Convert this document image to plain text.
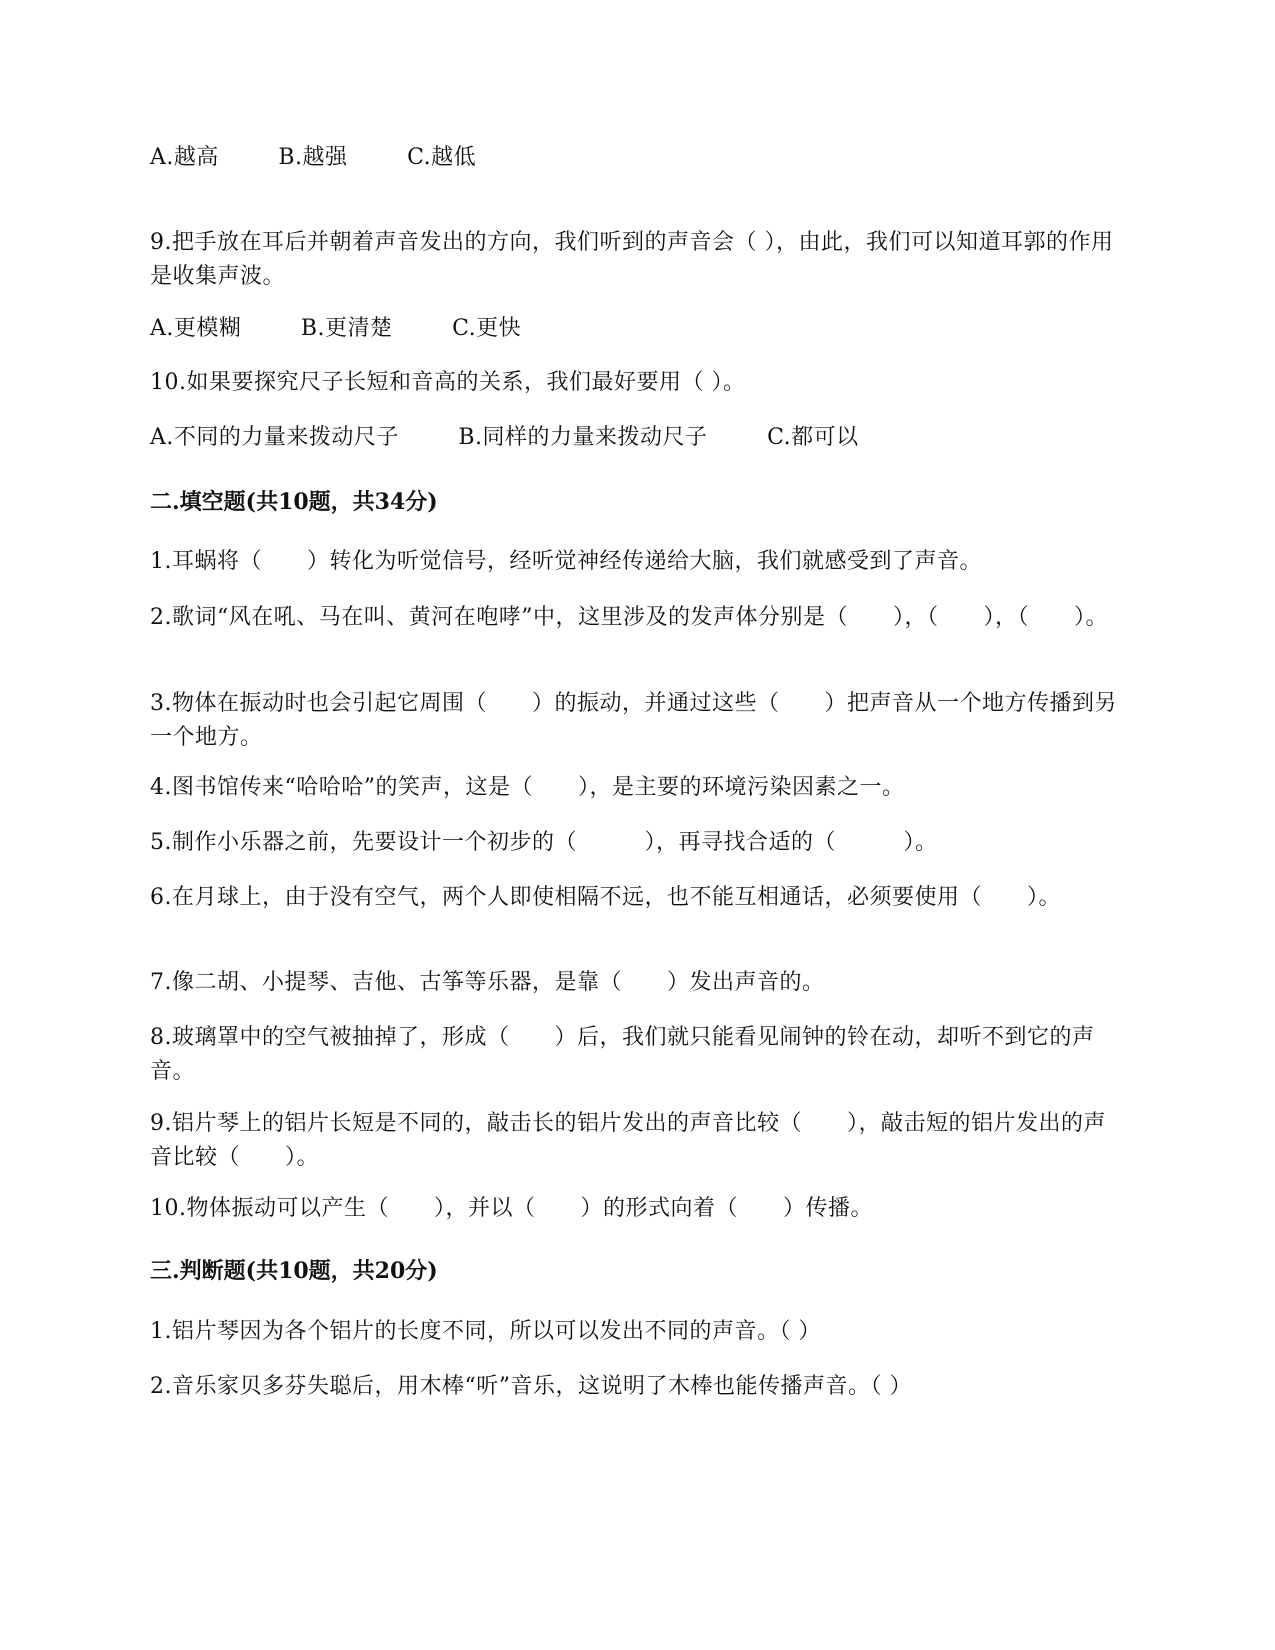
A.越高	B.越强	C.越低
9.把手放在耳后并朝着声音发出的方向，我们听到的声音会（ ），由此，我们可以知道耳郭的作用是收集声波。
A.更模糊	B.更清楚	C.更快
10.如果要探究尺子长短和音高的关系，我们最好要用（ ）。
A.不同的力量来拨动尺子	B.同样的力量来拨动尺子	C.都可以
二.填空题(共10题，共34分)
1.耳蜗将（　　）转化为听觉信号，经听觉神经传递给大脑，我们就感受到了声音。
2.歌词“风在吼、马在叫、黄河在咆哮”中，这里涉及的发声体分别是（　　），（　　），（　　）。
3.物体在振动时也会引起它周围（　　）的振动，并通过这些（　　）把声音从一个地方传播到另一个地方。
4.图书馆传来“哈哈哈”的笑声，这是（　　），是主要的环境污染因素之一。
5.制作小乐器之前，先要设计一个初步的（　　　），再寻找合适的（　　　）。
6.在月球上，由于没有空气，两个人即使相隔不远，也不能互相通话，必须要使用（　　）。
7.像二胡、小提琴、吉他、古筝等乐器，是靠（　　）发出声音的。
8.玻璃罩中的空气被抽掉了，形成（　　）后，我们就只能看见闹钟的铃在动，却听不到它的声音。
9.铝片琴上的铝片长短是不同的，敲击长的铝片发出的声音比较（　　），敲击短的铝片发出的声音比较（　　）。
10.物体振动可以产生（　　），并以（　　）的形式向着（　　）传播。
三.判断题(共10题，共20分)
1.铝片琴因为各个铝片的长度不同，所以可以发出不同的声音。（ ）
2.音乐家贝多芬失聪后，用木棒“听”音乐，这说明了木棒也能传播声音。（ ）
